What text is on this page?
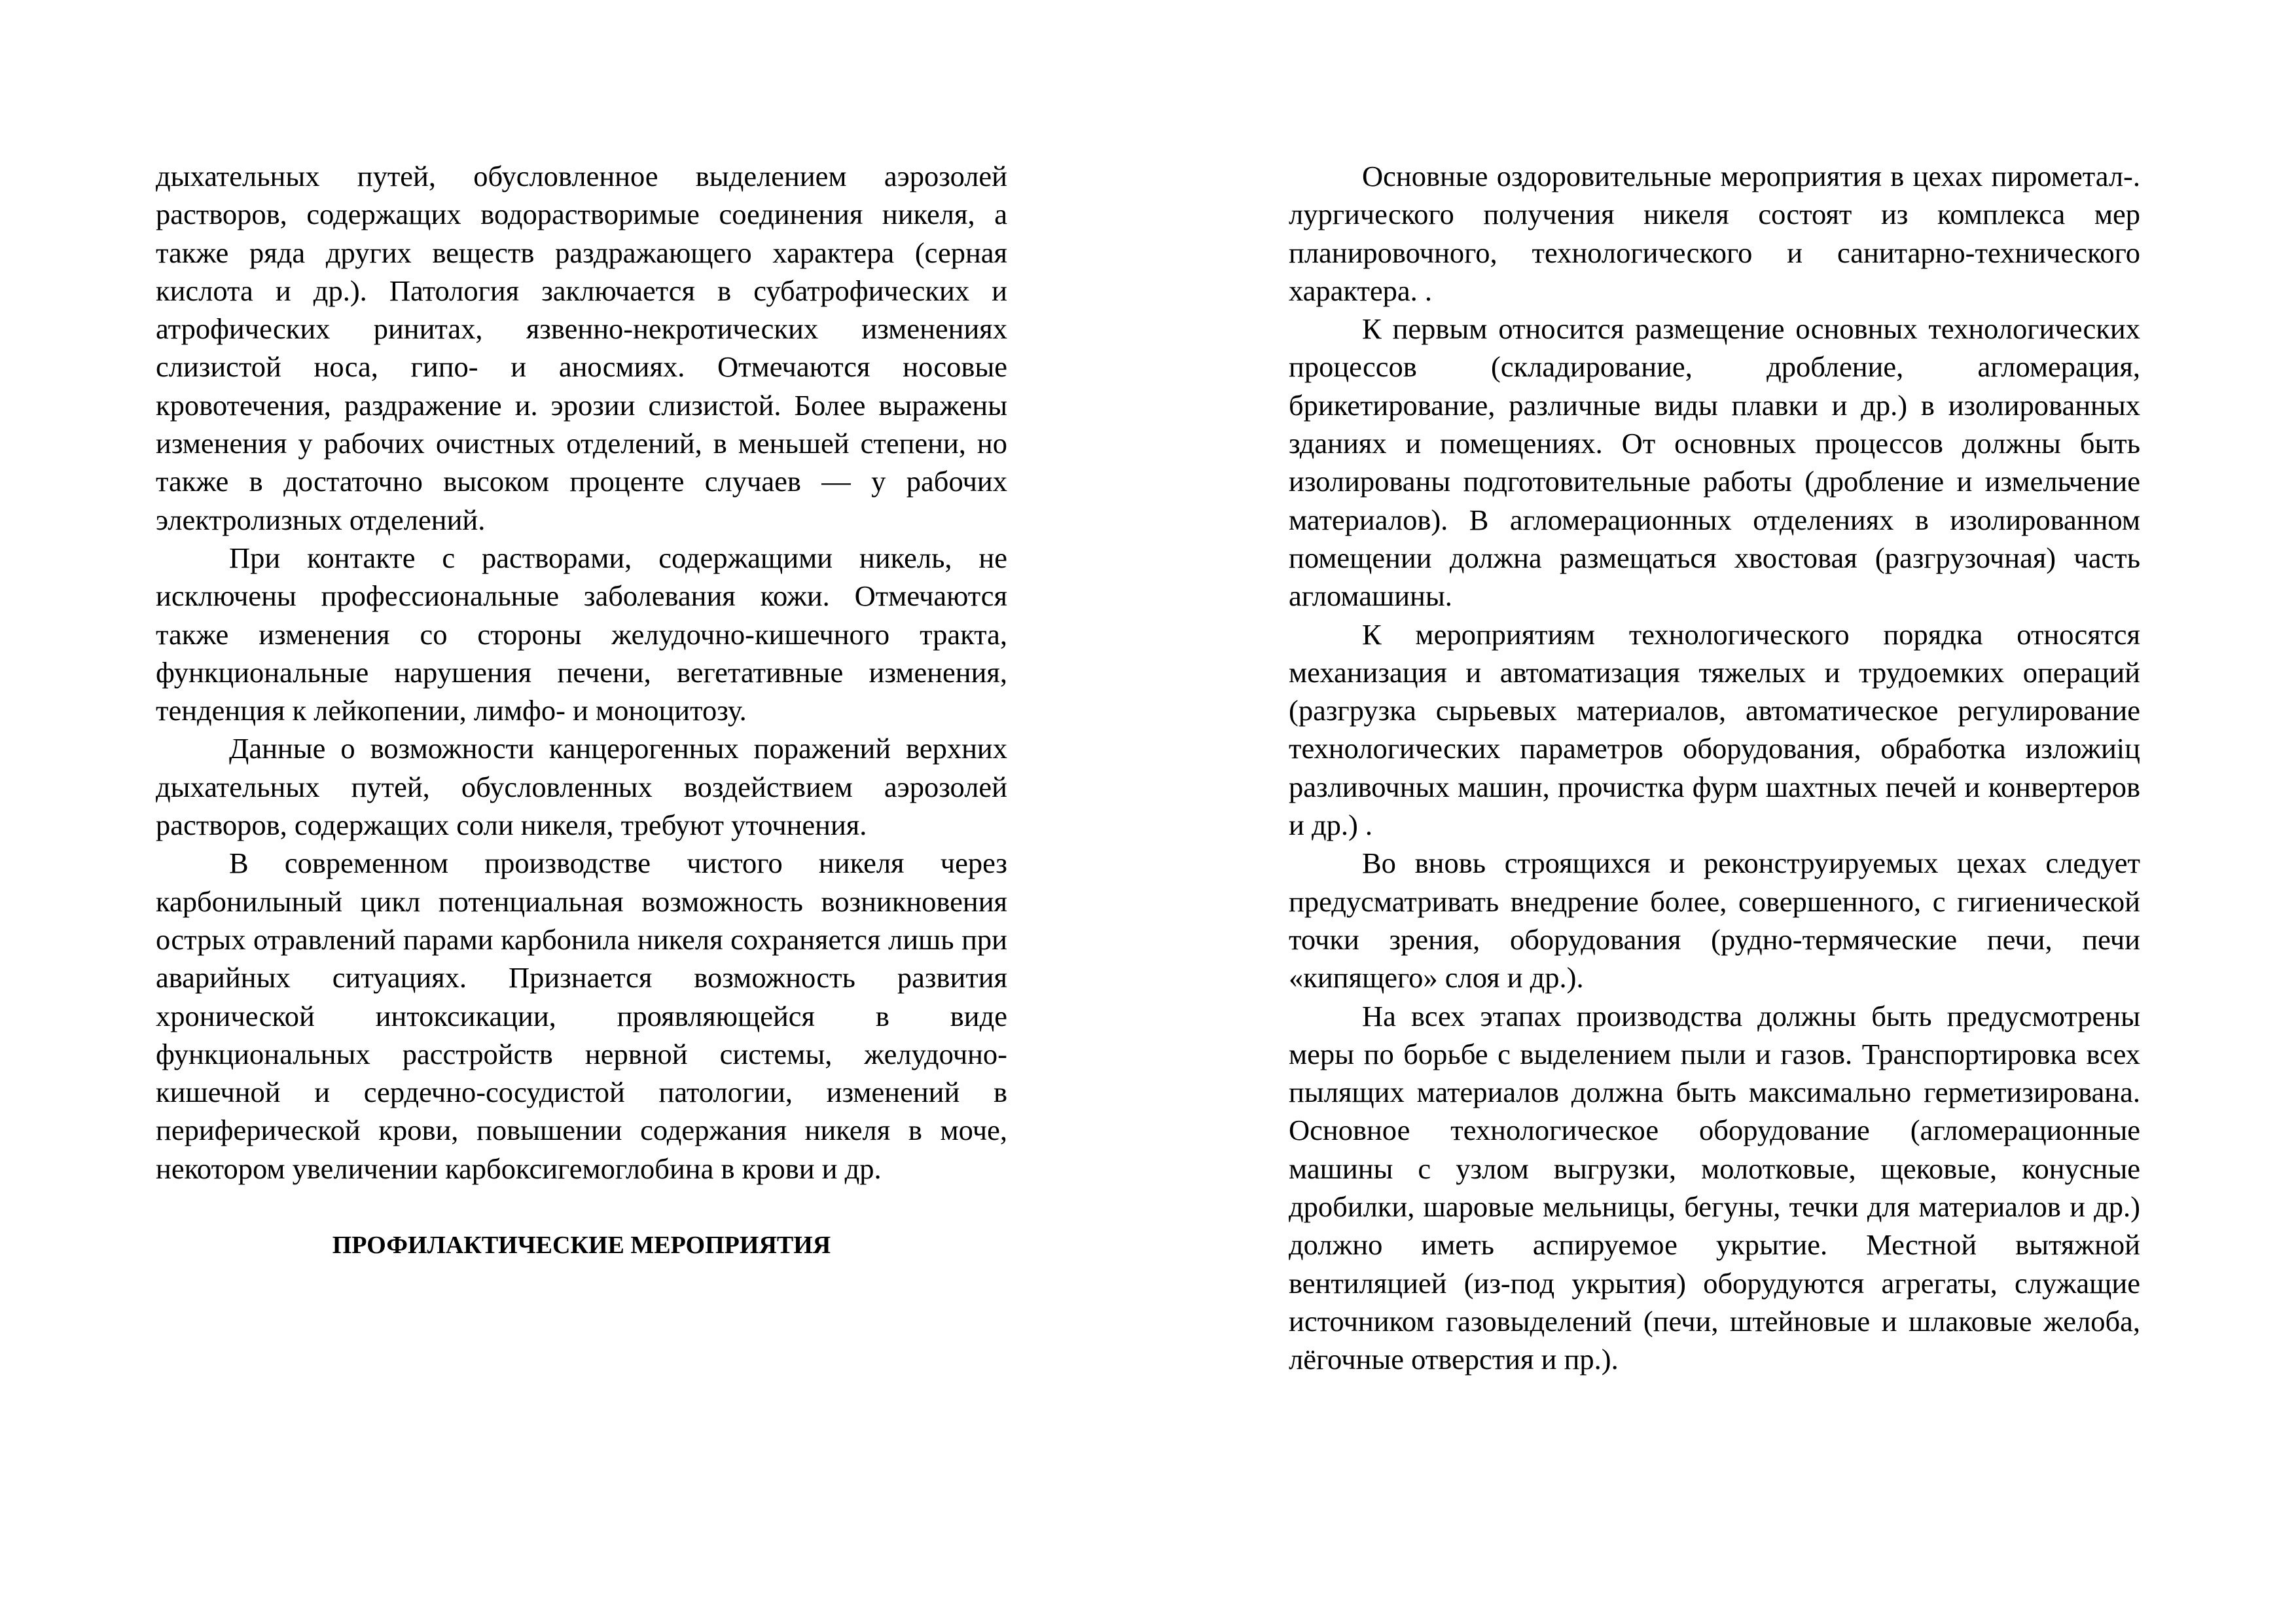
дыхательных путей, обусловленное выделением аэрозолей растворов, содержащих водорастворимые соединения никеля, а также ряда других веществ раздражающего характера (серная кислота и др.). Патология заключается в субатрофических и атрофических ринитах, язвенно-некротических изменениях слизистой носа, гипо- и аносмиях. Отмечаются носовые кровотечения, раздражение и. эрозии слизистой. Более выражены изменения у рабочих очистных отделений, в меньшей степени, но также в достаточно высоком проценте случаев — у рабочих электролизных отделений.

При контакте с растворами, содержащими никель, не исключены профессиональные заболевания кожи. Отмечаются также изменения со стороны желудочно-кишечного тракта, функциональные нарушения печени, вегетативные изменения, тенденция к лейкопении, лимфо- и моноцитозу.

Данные о возможности канцерогенных поражений верхних дыхательных путей, обусловленных воздействием аэрозолей растворов, содержащих соли никеля, требуют уточнения.

В современном производстве чистого никеля через карбонилыный цикл потенциальная возможность возникновения острых отравлений парами карбонила никеля сохраняется лишь при аварийных ситуациях. Признается возможность развития хронической интоксикации, проявляющейся в виде функциональных расстройств нервной системы, желудочно-кишечной и сердечно-сосудистой патологии, изменений в периферической крови, повышении содержания никеля в моче, некотором увеличении карбоксигемоглобина в крови и др.

ПРОФИЛАКТИЧЕСКИЕ МЕРОПРИЯТИЯ

Основные оздоровительные мероприятия в цехах пирометал-. лургического получения никеля состоят из комплекса мер планировочного, технологического и санитарно-технического характера. .

К первым относится размещение основных технологических процессов (складирование, дробление, агломерация, брикетирование, различные виды плавки и др.) в изолированных зданиях и помещениях. От основных процессов должны быть изолированы подготовительные работы (дробление и измельчение материалов). В агломерационных отделениях в изолированном помещении должна размещаться хвостовая (разгрузочная) часть агломашины.

К мероприятиям технологического порядка относятся механизация и автоматизация тяжелых и трудоемких операций (разгрузка сырьевых материалов, автоматическое регулирование технологических параметров оборудования, обработка изложиiц разливочных машин, прочистка фурм шахтных печей и конвертеров и др.) .

Во вновь строящихся и реконструируемых цехах следует предусматривать внедрение более, совершенного, с гигиенической точки зрения, оборудования (рудно-термячеcкие печи, печи «кипящего» слоя и др.).

На всех этапах производства должны быть предусмотрены меры по борьбе с выделением пыли и газов. Транспортировка всех пылящих материалов должна быть максимально герметизирована. Основное технологическое оборудование (агломерационные машины с узлом выгрузки, молотковые, щековые, конусные дробилки, шаровые мельницы, бегуны, течки для материалов и др.) должно иметь аспируемое укрытие. Местной вытяжной вентиляцией (из-под укрытия) оборудуются агрегаты, служащие источником газовыделений (печи, штейновые и шлаковые желоба, лёгочные отверстия и пр.).
